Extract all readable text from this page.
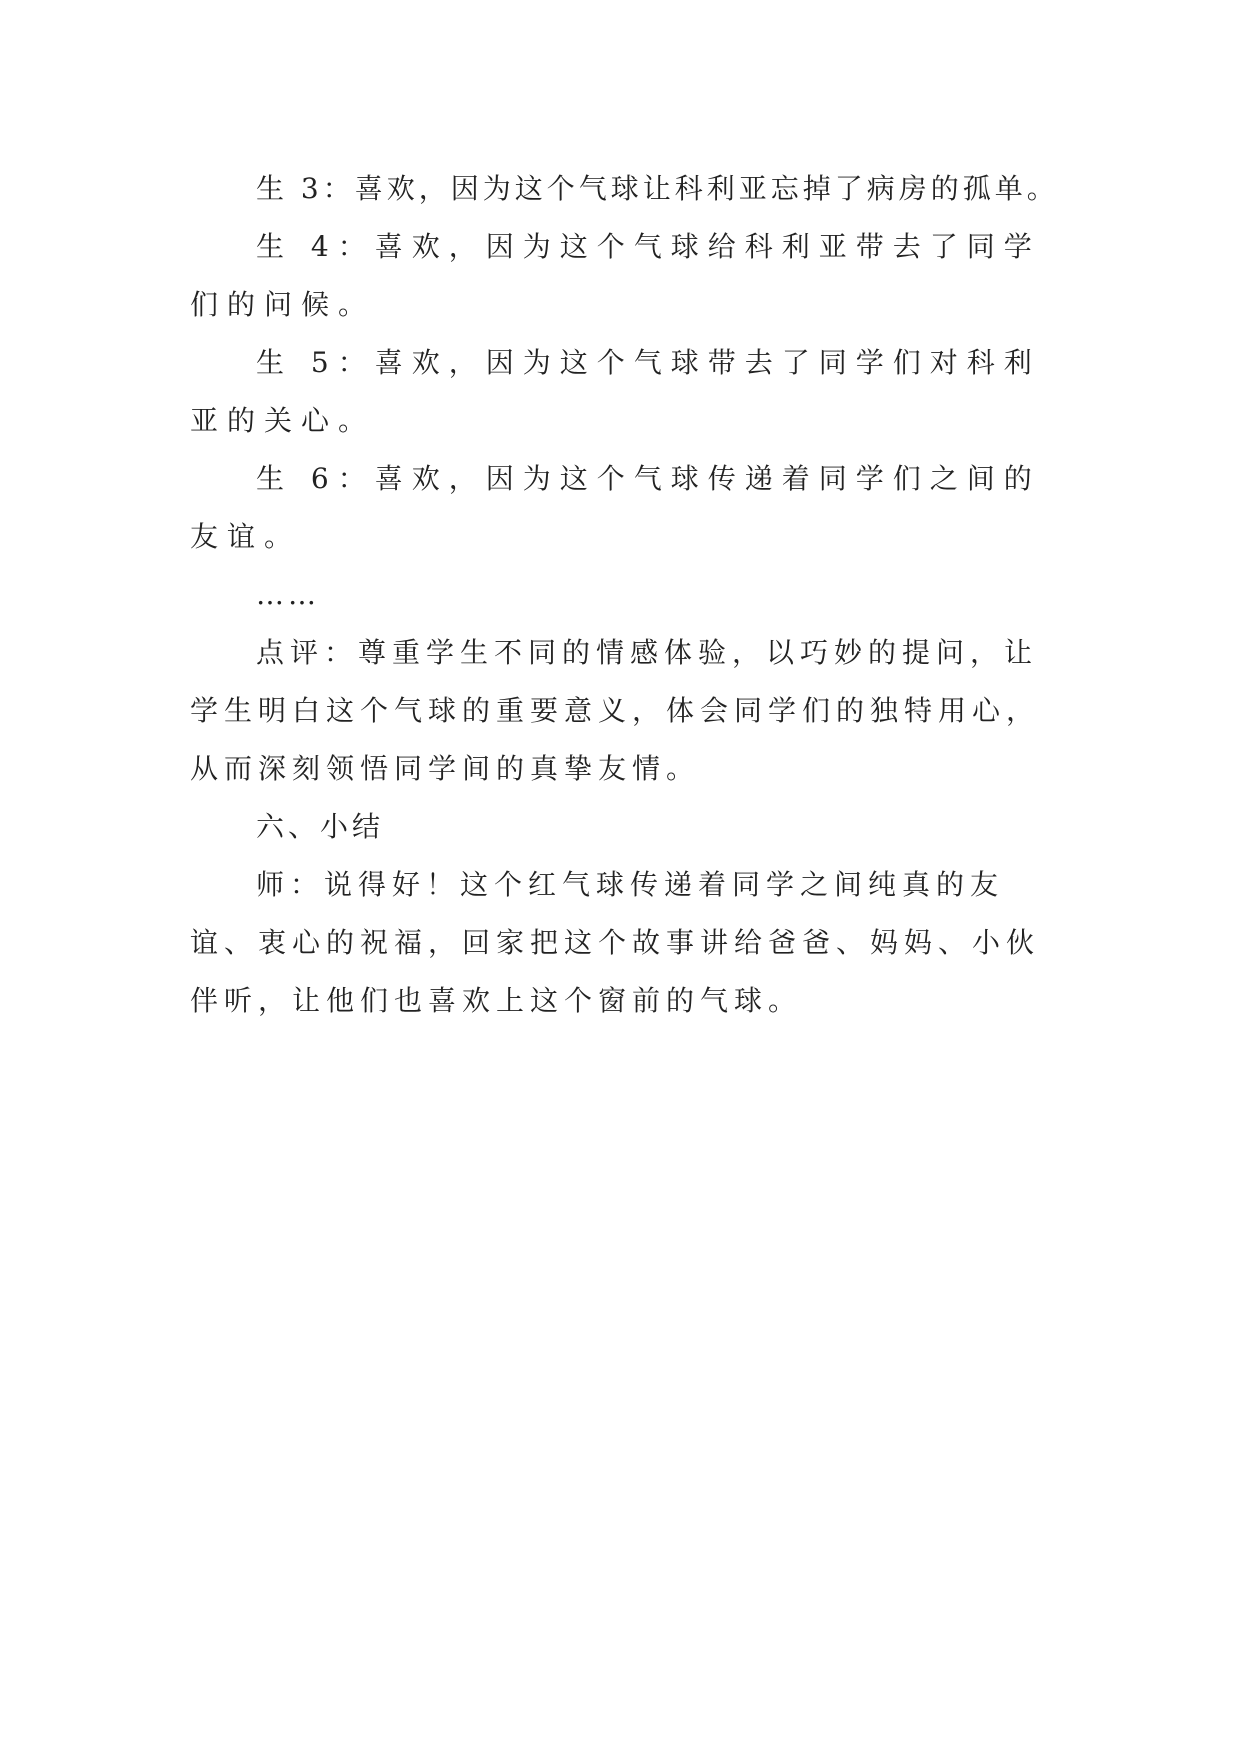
生 3：喜欢，因为这个气球让科利亚忘掉了病房的孤单。

生 4：喜欢，因为这个气球给科利亚带去了同学们的问候。

生 5：喜欢，因为这个气球带去了同学们对科利亚的关心。

生 6：喜欢，因为这个气球传递着同学们之间的友谊。

……

点评：尊重学生不同的情感体验，以巧妙的提问，让学生明白这个气球的重要意义，体会同学们的独特用心，从而深刻领悟同学间的真挚友情。

六、小结

师：说得好！这个红气球传递着同学之间纯真的友谊、衷心的祝福，回家把这个故事讲给爸爸、妈妈、小伙伴听，让他们也喜欢上这个窗前的气球。
